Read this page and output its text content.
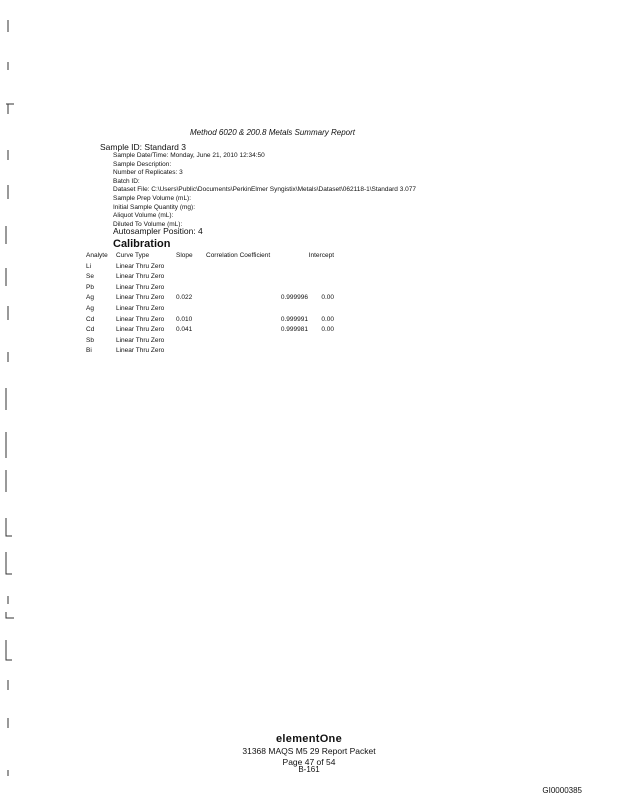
Method 6020 & 200.8 Metals Summary Report
Sample ID: Standard 3
Sample Date/Time: Monday, June 21, 2010 12:34:50
Sample Description:
Number of Replicates: 3
Batch ID:
Dataset File: C:\Users\Public\Documents\PerkinElmer Syngistix\Metals\Dataset\062118-1\Standard 3.077
Sample Prep Volume (mL):
Initial Sample Quantity (mg):
Aliquot Volume (mL):
Diluted To Volume (mL):
Autosampler Position: 4
Calibration
Analyte	Curve Type	Slope	Correlation Coefficient		Intercept
Li	Linear Thru Zero				
Se	Linear Thru Zero				
Pb	Linear Thru Zero				
Ag	Linear Thru Zero	0.022		0.999996	0.00
Ag	Linear Thru Zero				
Cd	Linear Thru Zero	0.010		0.999991	0.00
Cd	Linear Thru Zero	0.041		0.999981	0.00
Sb	Linear Thru Zero				
Bi	Linear Thru Zero				
elementOne
31368 MAQS M5 29 Report Packet
Page 47 of 54
B-161
GI0000385
